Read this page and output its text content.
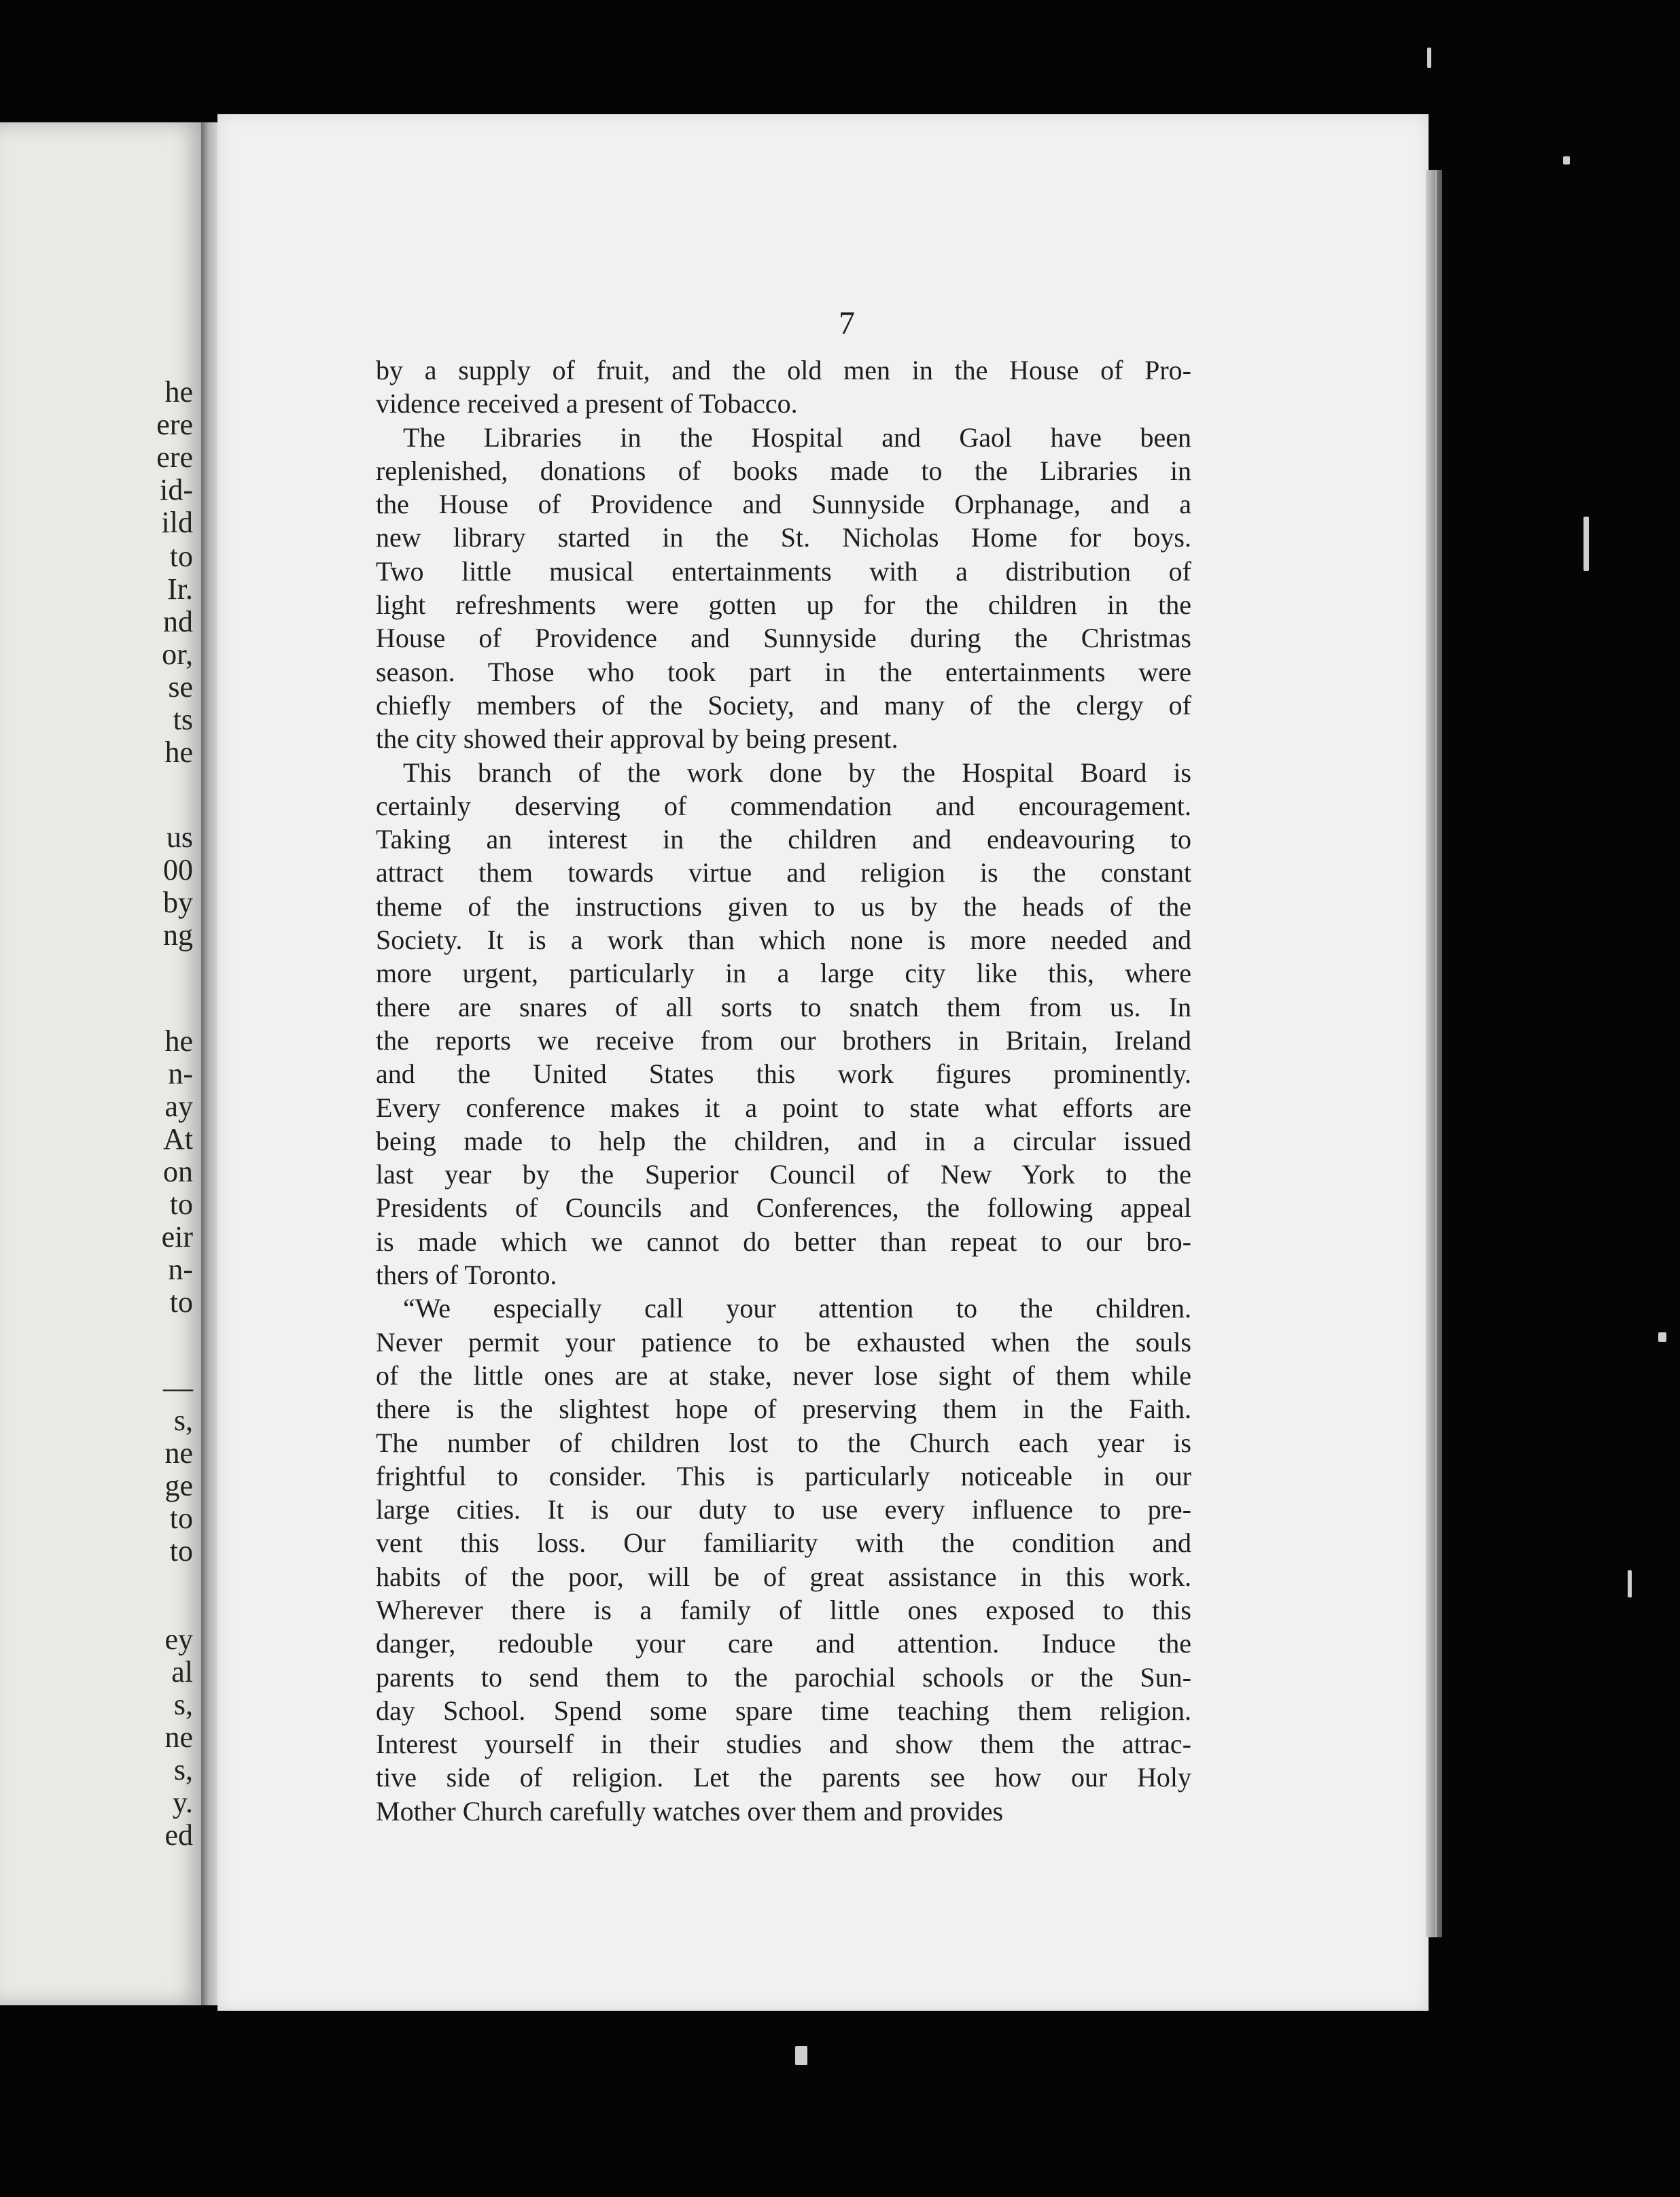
he
ere
ere
id-
ild
to
Ir.
nd
or,
se
ts
he
us
00
by
ng
he
n-
ay
At
on
to
eir
n-
to
—
s,
ne
ge
to
to
ey
al
s,
ne
s,
y.
ed
7
by a supply of fruit, and the old men in the House of Pro-
vidence received a present of Tobacco.
The Libraries in the Hospital and Gaol have been
replenished, donations of books made to the Libraries in
the House of Providence and Sunnyside Orphanage, and a
new library started in the St. Nicholas Home for boys.
Two little musical entertainments with a distribution of
light refreshments were gotten up for the children in the
House of Providence and Sunnyside during the Christmas
season. Those who took part in the entertainments were
chiefly members of the Society, and many of the clergy of
the city showed their approval by being present.
This branch of the work done by the Hospital Board is
certainly deserving of commendation and encouragement.
Taking an interest in the children and endeavouring to
attract them towards virtue and religion is the constant
theme of the instructions given to us by the heads of the
Society. It is a work than which none is more needed and
more urgent, particularly in a large city like this, where
there are snares of all sorts to snatch them from us. In
the reports we receive from our brothers in Britain, Ireland
and the United States this work figures prominently.
Every conference makes it a point to state what efforts are
being made to help the children, and in a circular issued
last year by the Superior Council of New York to the
Presidents of Councils and Conferences, the following appeal
is made which we cannot do better than repeat to our bro-
thers of Toronto.
“We especially call your attention to the children.
Never permit your patience to be exhausted when the souls
of the little ones are at stake, never lose sight of them while
there is the slightest hope of preserving them in the Faith.
The number of children lost to the Church each year is
frightful to consider. This is particularly noticeable in our
large cities. It is our duty to use every influence to pre-
vent this loss. Our familiarity with the condition and
habits of the poor, will be of great assistance in this work.
Wherever there is a family of little ones exposed to this
danger, redouble your care and attention. Induce the
parents to send them to the parochial schools or the Sun-
day School. Spend some spare time teaching them religion.
Interest yourself in their studies and show them the attrac-
tive side of religion. Let the parents see how our Holy
Mother Church carefully watches over them and provides
